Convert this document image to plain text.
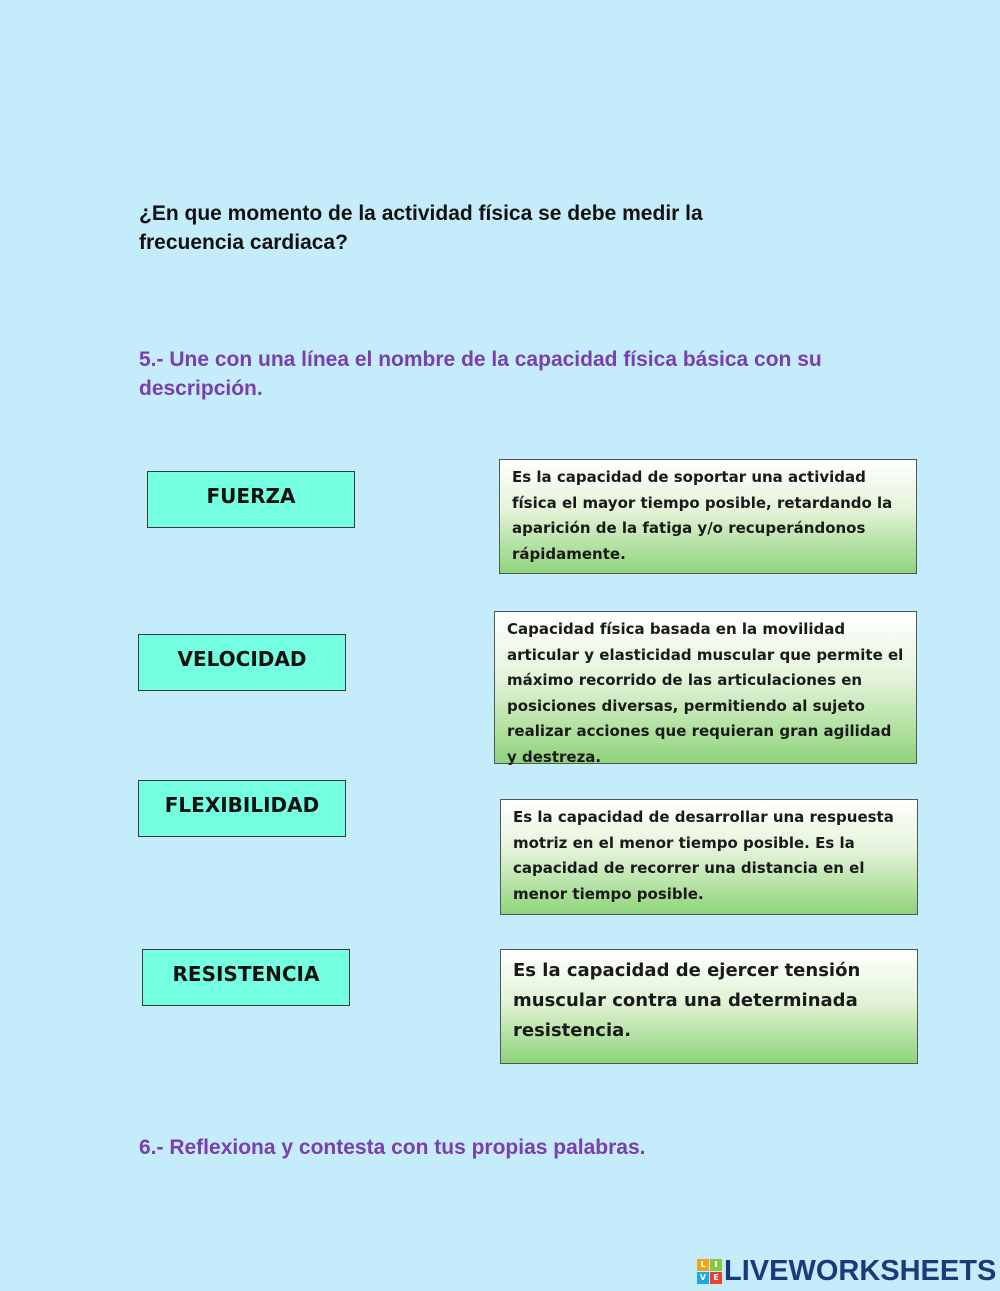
¿En que momento de la actividad física se debe medir la frecuencia cardiaca?
5.- Une con una línea el nombre de la capacidad física básica con su descripción.
FUERZA
VELOCIDAD
FLEXIBILIDAD
RESISTENCIA
Es la capacidad de soportar una actividad física el mayor tiempo posible, retardando la aparición de la fatiga y/o recuperándonos rápidamente.
Capacidad física basada en la movilidad articular y elasticidad muscular que permite el máximo recorrido de las articulaciones en posiciones diversas, permitiendo al sujeto realizar acciones que requieran gran agilidad y destreza.
Es la capacidad de desarrollar una respuesta motriz en el menor tiempo posible. Es la capacidad de recorrer una distancia en el menor tiempo posible.
Es la capacidad de ejercer tensión muscular contra una determinada resistencia.
6.- Reflexiona y contesta con tus propias palabras.
L	I
V E LIVEWORKSHEETS
